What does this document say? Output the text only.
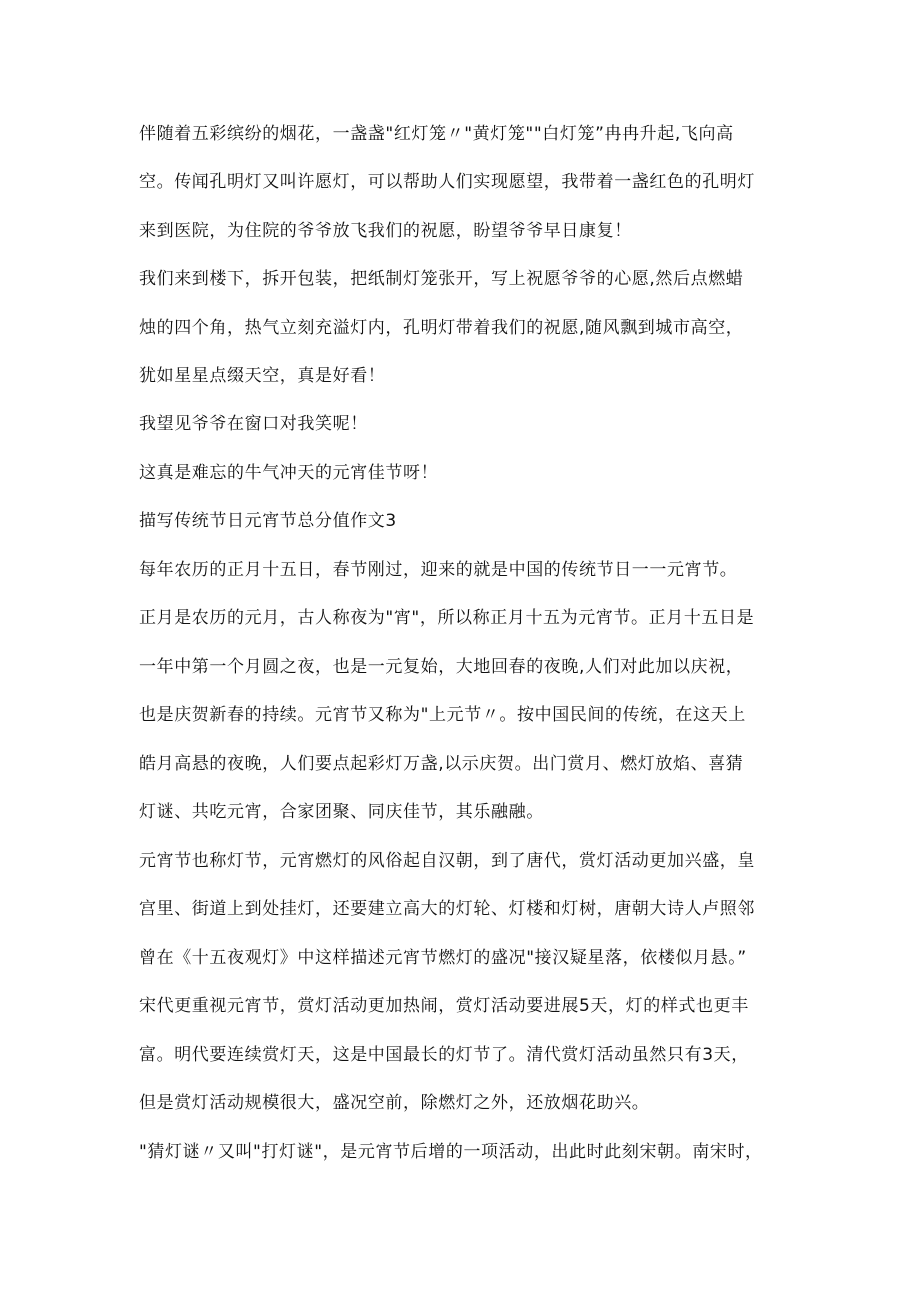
伴随着五彩缤纷的烟花，一盏盏"红灯笼〃"黄灯笼""白灯笼”冉冉升起,飞向高
空。传闻孔明灯又叫许愿灯，可以帮助人们实现愿望，我带着一盏红色的孔明灯
来到医院，为住院的爷爷放飞我们的祝愿，盼望爷爷早日康复！
我们来到楼下，拆开包装，把纸制灯笼张开，写上祝愿爷爷的心愿,然后点燃蜡
烛的四个角，热气立刻充溢灯内，孔明灯带着我们的祝愿,随风飘到城市高空，
犹如星星点缀天空，真是好看！
我望见爷爷在窗口对我笑呢！
这真是难忘的牛气冲天的元宵佳节呀！
描写传统节日元宵节总分值作文3
每年农历的正月十五日，春节刚过，迎来的就是中国的传统节日一一元宵节。
正月是农历的元月，古人称夜为"宵"，所以称正月十五为元宵节。正月十五日是
一年中第一个月圆之夜，也是一元复始，大地回春的夜晚,人们对此加以庆祝，
也是庆贺新春的持续。元宵节又称为"上元节〃。按中国民间的传统，在这天上
皓月高悬的夜晚，人们要点起彩灯万盏,以示庆贺。出门赏月、燃灯放焰、喜猜
灯谜、共吃元宵，合家团聚、同庆佳节，其乐融融。
元宵节也称灯节，元宵燃灯的风俗起自汉朝，到了唐代，赏灯活动更加兴盛，皇
宫里、街道上到处挂灯，还要建立高大的灯轮、灯楼和灯树，唐朝大诗人卢照邻
曾在《十五夜观灯》中这样描述元宵节燃灯的盛况"接汉疑星落，依楼似月悬。”
宋代更重视元宵节，赏灯活动更加热闹，赏灯活动要进展5天，灯的样式也更丰
富。明代要连续赏灯天，这是中国最长的灯节了。清代赏灯活动虽然只有3天，
但是赏灯活动规模很大，盛况空前，除燃灯之外，还放烟花助兴。
"猜灯谜〃又叫"打灯谜"，是元宵节后增的一项活动，出此时此刻宋朝。南宋时，
